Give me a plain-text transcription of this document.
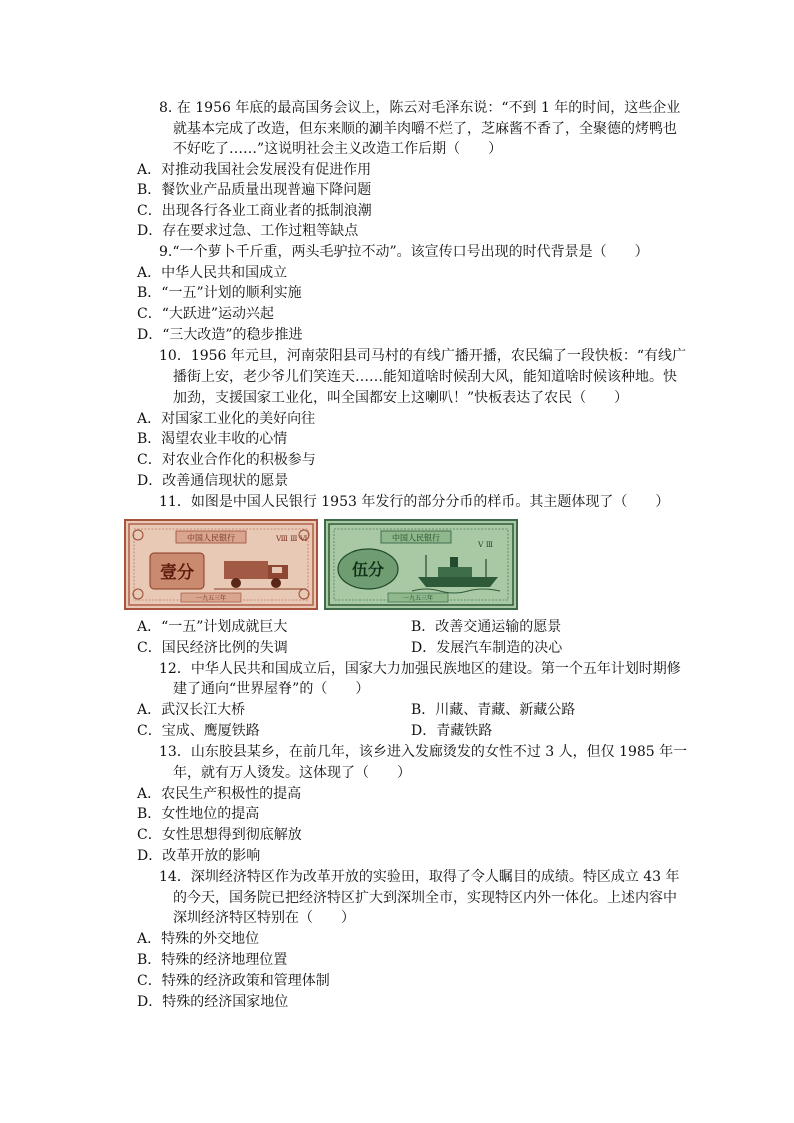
8. 在 1956 年底的最高国务会议上，陈云对毛泽东说：“不到 1 年的时间，这些企业
就基本完成了改造，但东来顺的涮羊肉嚼不烂了，芝麻酱不香了，全聚德的烤鸭也
不好吃了……”这说明社会主义改造工作后期（　　）
A．对推动我国社会发展没有促进作用
B．餐饮业产品质量出现普遍下降问题
C．出现各行各业工商业者的抵制浪潮
D．存在要求过急、工作过粗等缺点
9.“一个萝卜千斤重，两头毛驴拉不动”。该宣传口号出现的时代背景是（　　）
A．中华人民共和国成立
B．“一五”计划的顺利实施
C．“大跃进”运动兴起
D．“三大改造”的稳步推进
10．1956 年元旦，河南荥阳县司马村的有线广播开播，农民编了一段快板：“有线广
播街上安，老少爷儿们笑连天……能知道啥时候刮大风，能知道啥时候该种地。快
加劲，支援国家工业化，叫全国都安上这喇叭！”快板表达了农民（　　）
A．对国家工业化的美好向往
B．渴望农业丰收的心情
C．对农业合作化的积极参与
D．改善通信现状的愿景
11．如图是中国人民银行 1953 年发行的部分分币的样币。其主题体现了（　　）
中国人民银行	Ⅷ Ⅲ Ⅵ
壹分
一九五三年
中国人民银行
Ⅴ Ⅲ
伍分
一九五三年
A．“一五”计划成就巨大	B．改善交通运输的愿景
C．国民经济比例的失调	D．发展汽车制造的决心
12．中华人民共和国成立后，国家大力加强民族地区的建设。第一个五年计划时期修
建了通向“世界屋脊”的（　　）
A．武汉长江大桥	B．川藏、青藏、新藏公路
C．宝成、鹰厦铁路	D．青藏铁路
13．山东胶县某乡，在前几年，该乡进入发廊烫发的女性不过 3 人，但仅 1985 年一
年，就有万人烫发。这体现了（　　）
A．农民生产积极性的提高
B．女性地位的提高
C．女性思想得到彻底解放
D．改革开放的影响
14．深圳经济特区作为改革开放的实验田，取得了令人瞩目的成绩。特区成立 43 年
的今天，国务院已把经济特区扩大到深圳全市，实现特区内外一体化。上述内容中
深圳经济特区特别在（　　）
A．特殊的外交地位
B．特殊的经济地理位置
C．特殊的经济政策和管理体制
D．特殊的经济国家地位
